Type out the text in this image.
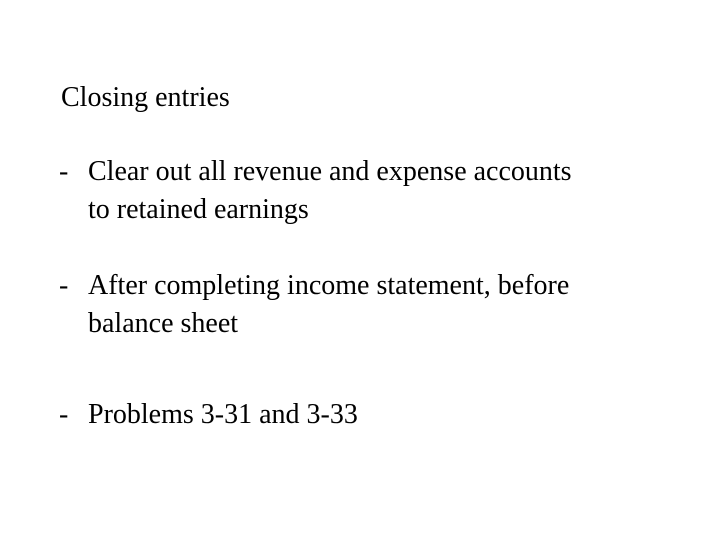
Closing entries
- Clear out all revenue and expense accounts
to retained earnings
- After completing income statement, before
balance sheet
- Problems 3-31 and 3-33
